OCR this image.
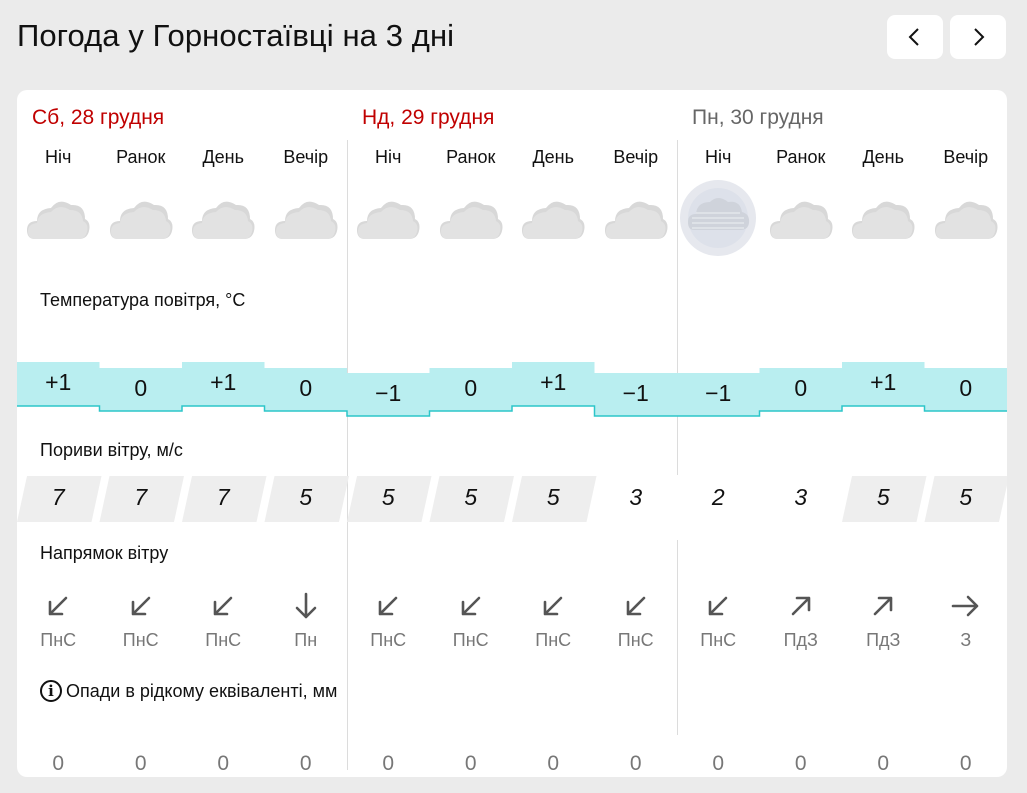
Погода у Горностаївці на 3 дні
Сб, 28 грудня	Нд, 29 грудня	Пн, 30 грудня
Температура повітря, °C
Пориви вітру, м/с
Напрямок вітру
i Опади в рідкому еквіваленті, мм
Ніч
+1
7
ПнС
0
Ранок
0
7
ПнС
0
День
+1
7
ПнС
0
Вечір
0
5
Пн
0
Ніч
−1
5
ПнС
0
Ранок
0
5
ПнС
0
День
+1
5
ПнС
0
Вечір
−1
3
ПнС
0
Ніч
−1
2
ПнС
0
Ранок
0
3
ПдЗ
0
День
+1
5
ПдЗ
0
Вечір
0
5
З
0
